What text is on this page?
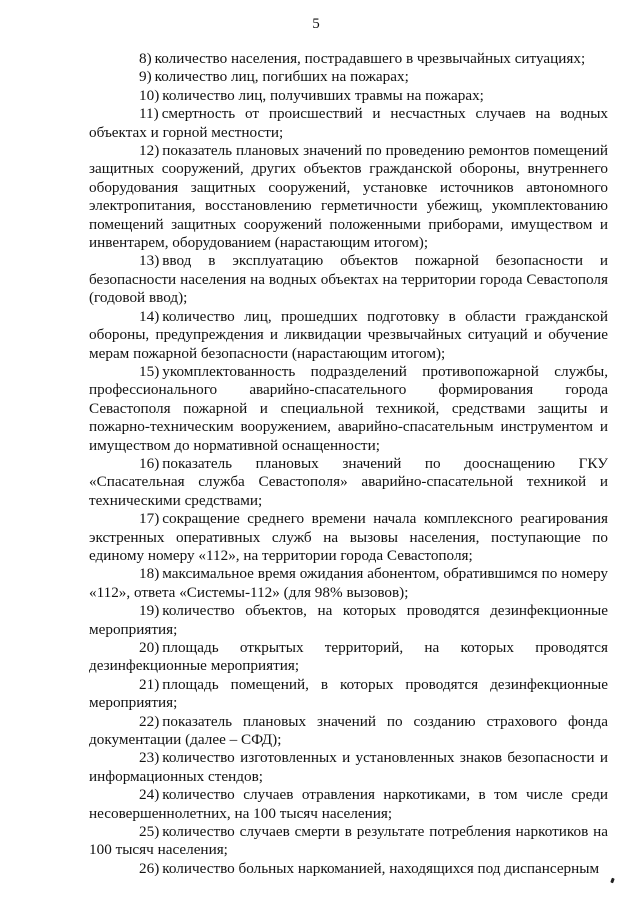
5

8) количество населения, пострадавшего в чрезвычайных ситуациях;

9) количество лиц, погибших на пожарах;

10) количество лиц, получивших травмы на пожарах;

11) смертность от происшествий и несчастных случаев на водных объектах и горной местности;

12) показатель плановых значений по проведению ремонтов помещений защитных сооружений, других объектов гражданской обороны, внутреннего оборудования защитных сооружений, установке источников автономного электропитания, восстановлению герметичности убежищ, укомплектованию помещений защитных сооружений положенными приборами, имуществом и инвентарем, оборудованием (нарастающим итогом);

13) ввод в эксплуатацию объектов пожарной безопасности и безопасности населения на водных объектах на территории города Севастополя (годовой ввод);

14) количество лиц, прошедших подготовку в области гражданской обороны, предупреждения и ликвидации чрезвычайных ситуаций и обучение мерам пожарной безопасности (нарастающим итогом);

15) укомплектованность подразделений противопожарной службы, профессионального аварийно-спасательного формирования города Севастополя пожарной и специальной техникой, средствами защиты и пожарно-техническим вооружением, аварийно-спасательным инструментом и имуществом до нормативной оснащенности;

16) показатель плановых значений по дооснащению ГКУ «Спасательная служба Севастополя» аварийно-спасательной техникой и техническими средствами;

17) сокращение среднего времени начала комплексного реагирования экстренных оперативных служб на вызовы населения, поступающие по единому номеру «112», на территории города Севастополя;

18) максимальное время ожидания абонентом, обратившимся по номеру «112», ответа «Системы-112» (для 98% вызовов);

19) количество объектов, на которых проводятся дезинфекционные мероприятия;

20) площадь открытых территорий, на которых проводятся дезинфекционные мероприятия;

21) площадь помещений, в которых проводятся дезинфекционные мероприятия;

22) показатель плановых значений по созданию страхового фонда документации (далее – СФД);

23) количество изготовленных и установленных знаков безопасности и информационных стендов;

24) количество случаев отравления наркотиками, в том числе среди несовершеннолетних, на 100 тысяч населения;

25) количество случаев смерти в результате потребления наркотиков на 100 тысяч населения;

26) количество больных наркоманией, находящихся под диспансерным
